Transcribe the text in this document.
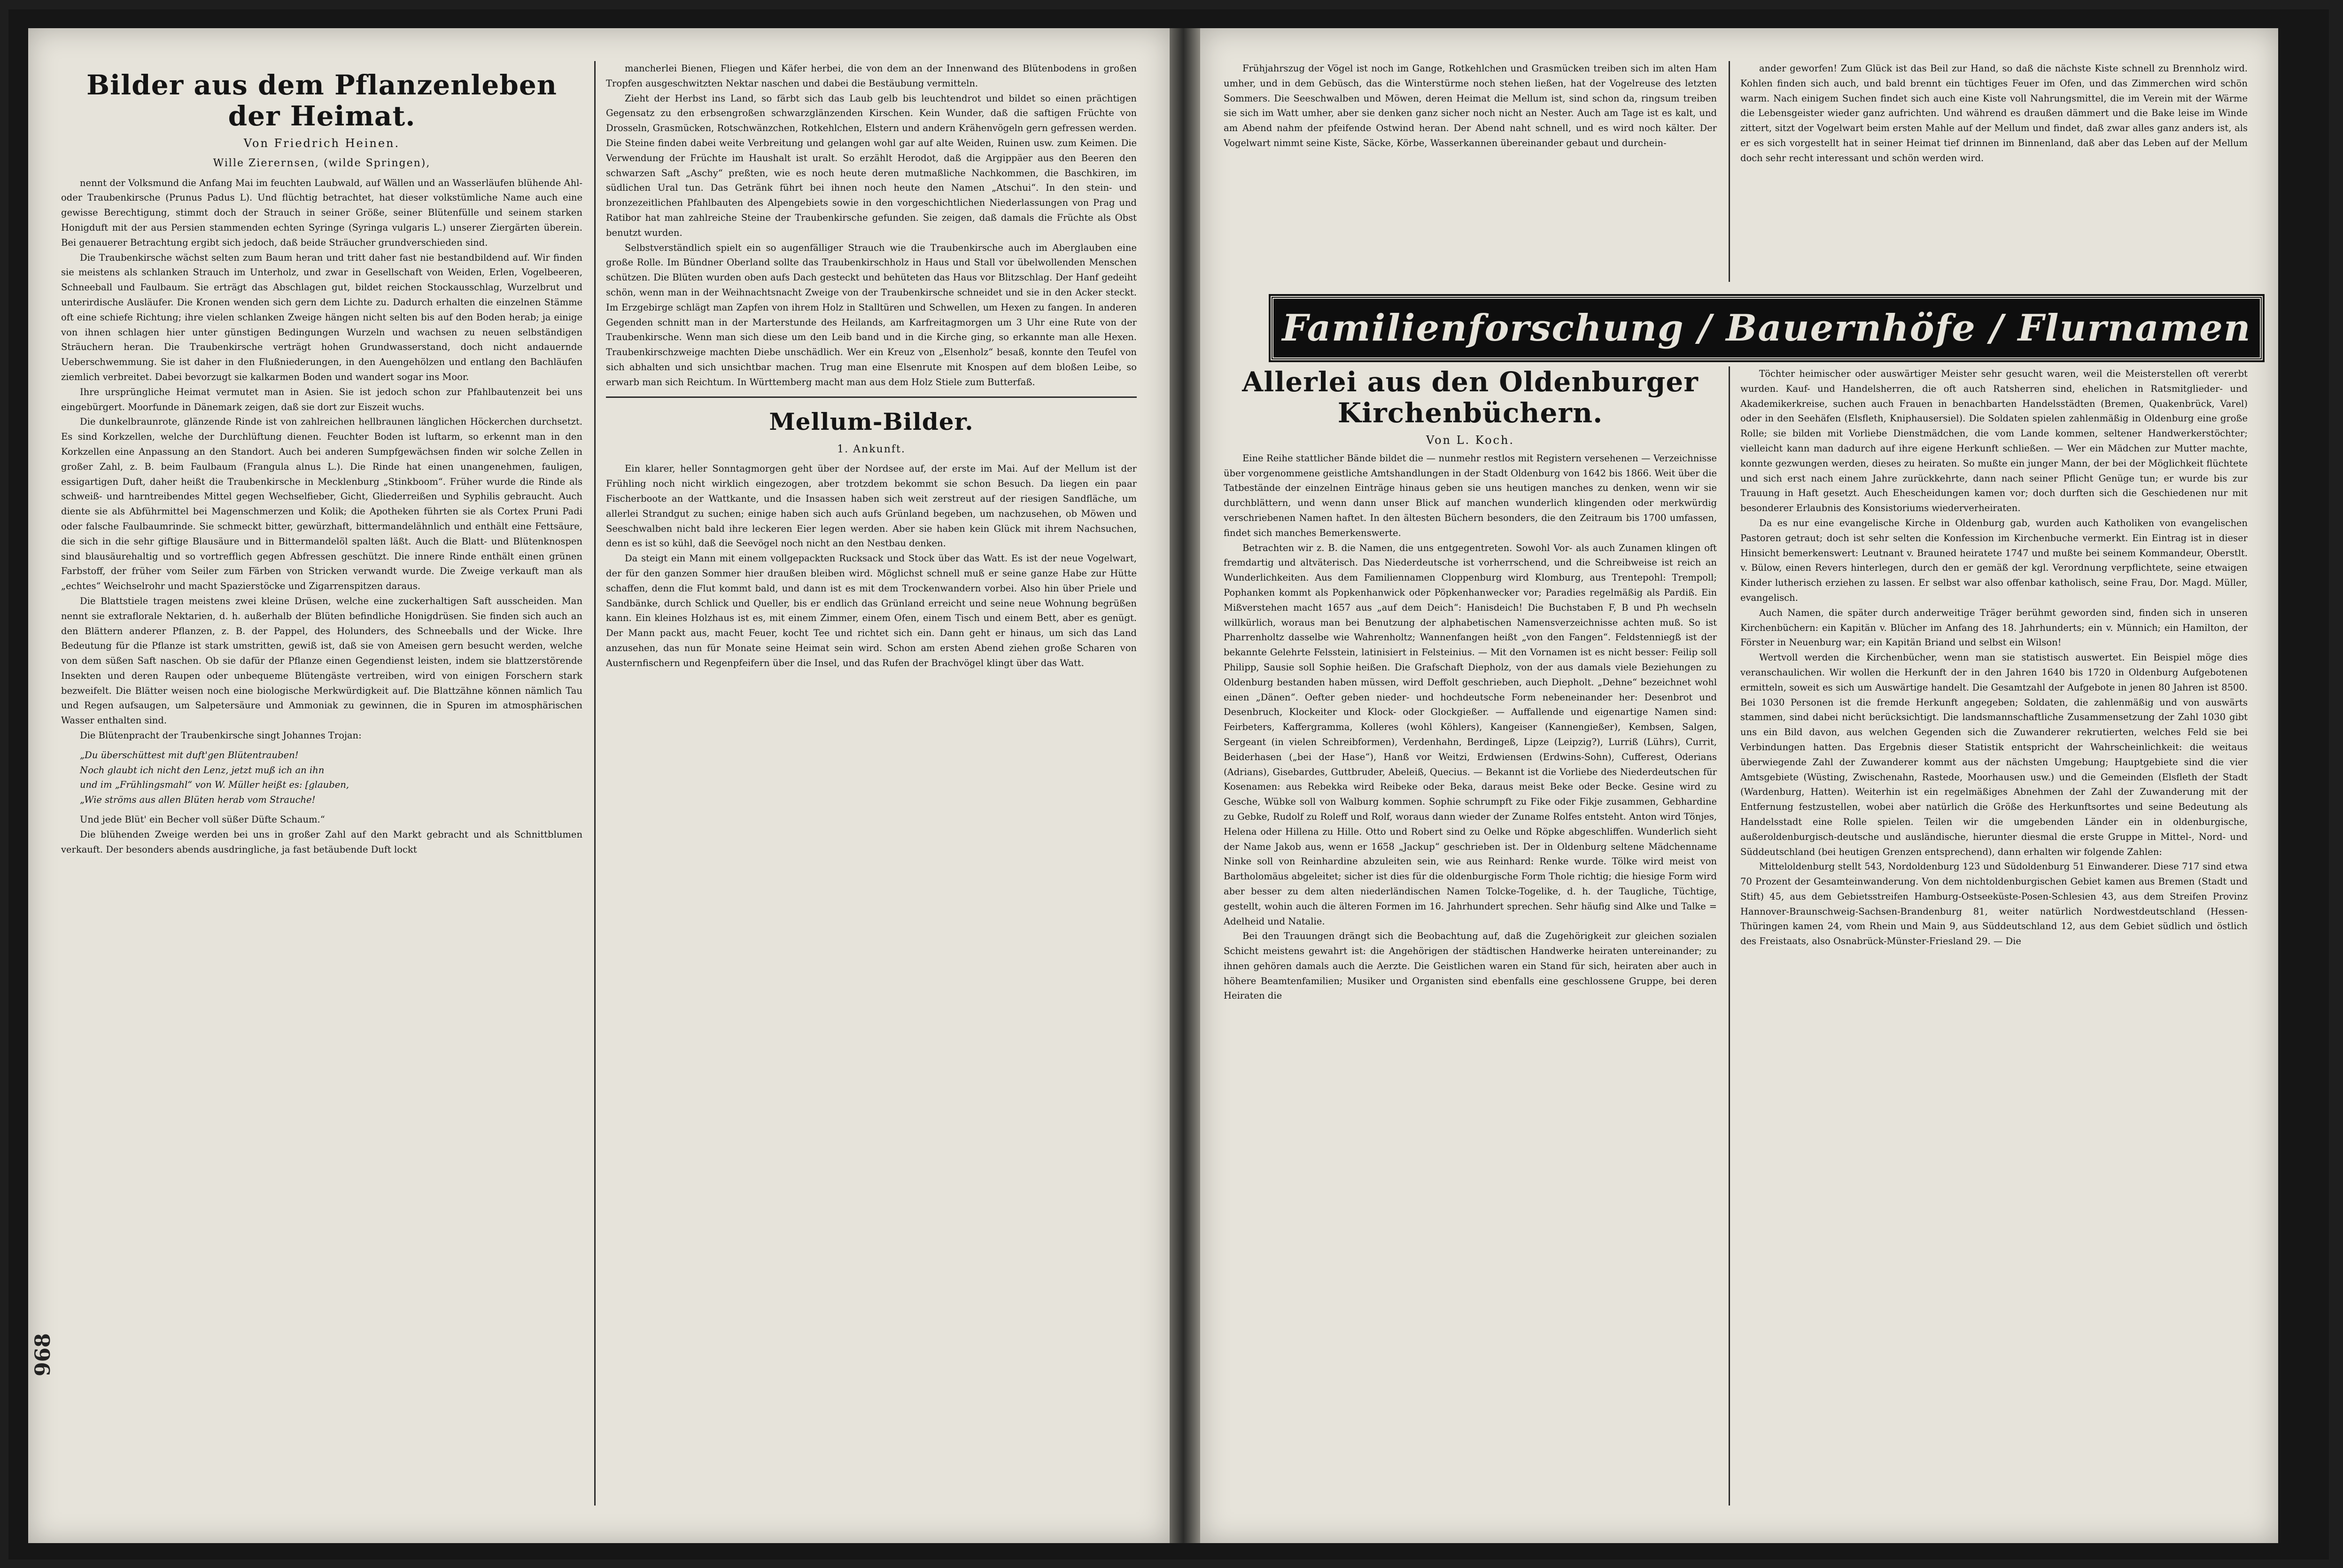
968
Bilder aus dem Pflanzenleben
der Heimat.
Von Friedrich Heinen.
Wille Zierernsen, (wilde Springen),

nennt der Volksmund die Anfang Mai im feuchten Laubwald, auf Wällen und an Wasserläufen blühende Ahl- oder Traubenkirsche (Prunus Padus L). Und flüchtig betrachtet, hat dieser volkstümliche Name auch eine gewisse Berechtigung, stimmt doch der Strauch in seiner Größe, seiner Blütenfülle und seinem starken Honigduft mit der aus Persien stammenden echten Syringe (Syringa vulgaris L.) unserer Ziergärten überein. Bei genauerer Betrachtung ergibt sich jedoch, daß beide Sträucher grundverschieden sind.

Die Traubenkirsche wächst selten zum Baum heran und tritt daher fast nie bestandbildend auf. Wir finden sie meistens als schlanken Strauch im Unterholz, und zwar in Gesellschaft von Weiden, Erlen, Vogelbeeren, Schneeball und Faulbaum. Sie erträgt das Abschlagen gut, bildet reichen Stockausschlag, Wurzelbrut und unterirdische Ausläufer. Die Kronen wenden sich gern dem Lichte zu. Dadurch erhalten die einzelnen Stämme oft eine schiefe Richtung; ihre vielen schlanken Zweige hängen nicht selten bis auf den Boden herab; ja einige von ihnen schlagen hier unter günstigen Bedingungen Wurzeln und wachsen zu neuen selbständigen Sträuchern heran. Die Traubenkirsche verträgt hohen Grundwasserstand, doch nicht andauernde Ueberschwemmung. Sie ist daher in den Flußniederungen, in den Auengehölzen und entlang den Bachläufen ziemlich verbreitet. Dabei bevorzugt sie kalkarmen Boden und wandert sogar ins Moor.

Ihre ursprüngliche Heimat vermutet man in Asien. Sie ist jedoch schon zur Pfahlbautenzeit bei uns eingebürgert. Moorfunde in Dänemark zeigen, daß sie dort zur Eiszeit wuchs.

Die dunkelbraunrote, glänzende Rinde ist von zahlreichen hellbraunen länglichen Höckerchen durchsetzt. Es sind Korkzellen, welche der Durchlüftung dienen. Feuchter Boden ist luftarm, so erkennt man in den Korkzellen eine Anpassung an den Standort. Auch bei anderen Sumpfgewächsen finden wir solche Zellen in großer Zahl, z. B. beim Faulbaum (Frangula alnus L.). Die Rinde hat einen unangenehmen, fauligen, essigartigen Duft, daher heißt die Traubenkirsche in Mecklenburg „Stinkboom“. Früher wurde die Rinde als schweiß- und harntreibendes Mittel gegen Wechselfieber, Gicht, Gliederreißen und Syphilis gebraucht. Auch diente sie als Abführmittel bei Magenschmerzen und Kolik; die Apotheken führten sie als Cortex Pruni Padi oder falsche Faulbaumrinde. Sie schmeckt bitter, gewürzhaft, bittermandelähnlich und enthält eine Fettsäure, die sich in die sehr giftige Blausäure und in Bittermandelöl spalten läßt. Auch die Blatt- und Blütenknospen sind blausäurehaltig und so vortrefflich gegen Abfressen geschützt. Die innere Rinde enthält einen grünen Farbstoff, der früher vom Seiler zum Färben von Stricken verwandt wurde. Die Zweige verkauft man als „echtes“ Weichselrohr und macht Spazierstöcke und Zigarrenspitzen daraus.

Die Blattstiele tragen meistens zwei kleine Drüsen, welche eine zuckerhaltigen Saft ausscheiden. Man nennt sie extraflorale Nektarien, d. h. außerhalb der Blüten befindliche Honigdrüsen. Sie finden sich auch an den Blättern anderer Pflanzen, z. B. der Pappel, des Holunders, des Schneeballs und der Wicke. Ihre Bedeutung für die Pflanze ist stark umstritten, gewiß ist, daß sie von Ameisen gern besucht werden, welche von dem süßen Saft naschen. Ob sie dafür der Pflanze einen Gegendienst leisten, indem sie blattzerstörende Insekten und deren Raupen oder unbequeme Blütengäste vertreiben, wird von einigen Forschern stark bezweifelt. Die Blätter weisen noch eine biologische Merkwürdigkeit auf. Die Blattzähne können nämlich Tau und Regen aufsaugen, um Salpetersäure und Ammoniak zu gewinnen, die in Spuren im atmosphärischen Wasser enthalten sind.

Die Blütenpracht der Traubenkirsche singt Johannes Trojan:

„Du überschüttest mit duft'gen Blütentrauben!
Noch glaubt ich nicht den Lenz, jetzt muß ich an ihn
und im „Frühlingsmahl“ von W. Müller heißt es: [glauben,
„Wie ströms aus allen Blüten herab vom Strauche!

Und jede Blüt' ein Becher voll süßer Düfte Schaum.“

Die blühenden Zweige werden bei uns in großer Zahl auf den Markt gebracht und als Schnittblumen verkauft. Der besonders abends ausdringliche, ja fast betäubende Duft lockt

mancherlei Bienen, Fliegen und Käfer herbei, die von dem an der Innenwand des Blütenbodens in großen Tropfen ausgeschwitzten Nektar naschen und dabei die Bestäubung vermitteln.

Zieht der Herbst ins Land, so färbt sich das Laub gelb bis leuchtendrot und bildet so einen prächtigen Gegensatz zu den erbsengroßen schwarzglänzenden Kirschen. Kein Wunder, daß die saftigen Früchte von Drosseln, Grasmücken, Rotschwänzchen, Rotkehlchen, Elstern und andern Krähenvögeln gern gefressen werden. Die Steine finden dabei weite Verbreitung und gelangen wohl gar auf alte Weiden, Ruinen usw. zum Keimen. Die Verwendung der Früchte im Haushalt ist uralt. So erzählt Herodot, daß die Argippäer aus den Beeren den schwarzen Saft „Aschy“ preßten, wie es noch heute deren mutmaßliche Nachkommen, die Baschkiren, im südlichen Ural tun. Das Getränk führt bei ihnen noch heute den Namen „Atschui“. In den stein- und bronzezeitlichen Pfahlbauten des Alpengebiets sowie in den vorgeschichtlichen Niederlassungen von Prag und Ratibor hat man zahlreiche Steine der Traubenkirsche gefunden. Sie zeigen, daß damals die Früchte als Obst benutzt wurden.

Selbstverständlich spielt ein so augenfälliger Strauch wie die Traubenkirsche auch im Aberglauben eine große Rolle. Im Bündner Oberland sollte das Traubenkirschholz in Haus und Stall vor übelwollenden Menschen schützen. Die Blüten wurden oben aufs Dach gesteckt und behüteten das Haus vor Blitzschlag. Der Hanf gedeiht schön, wenn man in der Weihnachtsnacht Zweige von der Traubenkirsche schneidet und sie in den Acker steckt. Im Erzgebirge schlägt man Zapfen von ihrem Holz in Stalltüren und Schwellen, um Hexen zu fangen. In anderen Gegenden schnitt man in der Marterstunde des Heilands, am Karfreitagmorgen um 3 Uhr eine Rute von der Traubenkirsche. Wenn man sich diese um den Leib band und in die Kirche ging, so erkannte man alle Hexen. Traubenkirschzweige machten Diebe unschädlich. Wer ein Kreuz von „Elsenholz“ besaß, konnte den Teufel von sich abhalten und sich unsichtbar machen. Trug man eine Elsenrute mit Knospen auf dem bloßen Leibe, so erwarb man sich Reichtum. In Württemberg macht man aus dem Holz Stiele zum Butterfaß.

Mellum-Bilder.
1. Ankunft.

Ein klarer, heller Sonntagmorgen geht über der Nordsee auf, der erste im Mai. Auf der Mellum ist der Frühling noch nicht wirklich eingezogen, aber trotzdem bekommt sie schon Besuch. Da liegen ein paar Fischerboote an der Wattkante, und die Insassen haben sich weit zerstreut auf der riesigen Sandfläche, um allerlei Strandgut zu suchen; einige haben sich auch aufs Grünland begeben, um nachzusehen, ob Möwen und Seeschwalben nicht bald ihre leckeren Eier legen werden. Aber sie haben kein Glück mit ihrem Nachsuchen, denn es ist so kühl, daß die Seevögel noch nicht an den Nestbau denken.

Da steigt ein Mann mit einem vollgepackten Rucksack und Stock über das Watt. Es ist der neue Vogelwart, der für den ganzen Sommer hier draußen bleiben wird. Möglichst schnell muß er seine ganze Habe zur Hütte schaffen, denn die Flut kommt bald, und dann ist es mit dem Trockenwandern vorbei. Also hin über Priele und Sandbänke, durch Schlick und Queller, bis er endlich das Grünland erreicht und seine neue Wohnung begrüßen kann. Ein kleines Holzhaus ist es, mit einem Zimmer, einem Ofen, einem Tisch und einem Bett, aber es genügt. Der Mann packt aus, macht Feuer, kocht Tee und richtet sich ein. Dann geht er hinaus, um sich das Land anzusehen, das nun für Monate seine Heimat sein wird. Schon am ersten Abend ziehen große Scharen von Austernfischern und Regenpfeifern über die Insel, und das Rufen der Brachvögel klingt über das Watt.

Frühjahrszug der Vögel ist noch im Gange, Rotkehlchen und Grasmücken treiben sich im alten Ham umher, und in dem Gebüsch, das die Winterstürme noch stehen ließen, hat der Vogelreuse des letzten Sommers. Die Seeschwalben und Möwen, deren Heimat die Mellum ist, sind schon da, ringsum treiben sie sich im Watt umher, aber sie denken ganz sicher noch nicht an Nester. Auch am Tage ist es kalt, und am Abend nahm der pfeifende Ostwind heran. Der Abend naht schnell, und es wird noch kälter. Der Vogelwart nimmt seine Kiste, Säcke, Körbe, Wasserkannen übereinander gebaut und durchein-

ander geworfen! Zum Glück ist das Beil zur Hand, so daß die nächste Kiste schnell zu Brennholz wird. Kohlen finden sich auch, und bald brennt ein tüchtiges Feuer im Ofen, und das Zimmerchen wird schön warm. Nach einigem Suchen findet sich auch eine Kiste voll Nahrungsmittel, die im Verein mit der Wärme die Lebensgeister wieder ganz aufrichten. Und während es draußen dämmert und die Bake leise im Winde zittert, sitzt der Vogelwart beim ersten Mahle auf der Mellum und findet, daß zwar alles ganz anders ist, als er es sich vorgestellt hat in seiner Heimat tief drinnen im Binnenland, daß aber das Leben auf der Mellum doch sehr recht interessant und schön werden wird.

Familienforschung / Bauernhöfe / Flurnamen
Allerlei aus den Oldenburger
Kirchenbüchern.
Von L. Koch.

Eine Reihe stattlicher Bände bildet die — nunmehr restlos mit Registern versehenen — Verzeichnisse über vorgenommene geistliche Amtshandlungen in der Stadt Oldenburg von 1642 bis 1866. Weit über die Tatbestände der einzelnen Einträge hinaus geben sie uns heutigen manches zu denken, wenn wir sie durchblättern, und wenn dann unser Blick auf manchen wunderlich klingenden oder merkwürdig verschriebenen Namen haftet. In den ältesten Büchern besonders, die den Zeitraum bis 1700 umfassen, findet sich manches Bemerkenswerte.

Betrachten wir z. B. die Namen, die uns entgegentreten. Sowohl Vor- als auch Zunamen klingen oft fremdartig und altväterisch. Das Niederdeutsche ist vorherrschend, und die Schreibweise ist reich an Wunderlichkeiten. Aus dem Familiennamen Cloppenburg wird Klomburg, aus Trentepohl: Trempoll; Pophanken kommt als Popkenhanwick oder Pöpkenhanwecker vor; Paradies regelmäßig als Pardiß. Ein Mißverstehen macht 1657 aus „auf dem Deich“: Hanisdeich! Die Buchstaben F, B und Ph wechseln willkürlich, woraus man bei Benutzung der alphabetischen Namensverzeichnisse achten muß. So ist Pharrenholtz dasselbe wie Wahrenholtz; Wannenfangen heißt „von den Fangen“. Feldstenniegß ist der bekannte Gelehrte Felsstein, latinisiert in Felsteinius. — Mit den Vornamen ist es nicht besser: Feilip soll Philipp, Sausie soll Sophie heißen. Die Grafschaft Diepholz, von der aus damals viele Beziehungen zu Oldenburg bestanden haben müssen, wird Deffolt geschrieben, auch Diepholt. „Dehne“ bezeichnet wohl einen „Dänen“. Oefter geben nieder- und hochdeutsche Form nebeneinander her: Desenbrot und Desenbruch, Klockeiter und Klock- oder Glockgießer. — Auffallende und eigenartige Namen sind: Feirbeters, Kaffergramma, Kolleres (wohl Köhlers), Kangeiser (Kannengießer), Kembsen, Salgen, Sergeant (in vielen Schreibformen), Verdenhahn, Berdingeß, Lipze (Leipzig?), Lurriß (Lührs), Currit, Beiderhasen („bei der Hase“), Hanß vor Weitzi, Erdwiensen (Erdwins-Sohn), Cufferest, Oderians (Adrians), Gisebardes, Guttbruder, Abeleiß, Quecius. — Bekannt ist die Vorliebe des Niederdeutschen für Kosenamen: aus Rebekka wird Reibeke oder Beka, daraus meist Beke oder Becke. Gesine wird zu Gesche, Wübke soll von Walburg kommen. Sophie schrumpft zu Fike oder Fikje zusammen, Gebhardine zu Gebke, Rudolf zu Roleff und Rolf, woraus dann wieder der Zuname Rolfes entsteht. Anton wird Tönjes, Helena oder Hillena zu Hille. Otto und Robert sind zu Oelke und Röpke abgeschliffen. Wunderlich sieht der Name Jakob aus, wenn er 1658 „Jackup“ geschrieben ist. Der in Oldenburg seltene Mädchenname Ninke soll von Reinhardine abzuleiten sein, wie aus Reinhard: Renke wurde. Tölke wird meist von Bartholomäus abgeleitet; sicher ist dies für die oldenburgische Form Thole richtig; die hiesige Form wird aber besser zu dem alten niederländischen Namen Tolcke-Togelike, d. h. der Taugliche, Tüchtige, gestellt, wohin auch die älteren Formen im 16. Jahrhundert sprechen. Sehr häufig sind Alke und Talke = Adelheid und Natalie.

Bei den Trauungen drängt sich die Beobachtung auf, daß die Zugehörigkeit zur gleichen sozialen Schicht meistens gewahrt ist: die Angehörigen der städtischen Handwerke heiraten untereinander; zu ihnen gehören damals auch die Aerzte. Die Geistlichen waren ein Stand für sich, heiraten aber auch in höhere Beamtenfamilien; Musiker und Organisten sind ebenfalls eine geschlossene Gruppe, bei deren Heiraten die

Töchter heimischer oder auswärtiger Meister sehr gesucht waren, weil die Meisterstellen oft vererbt wurden. Kauf- und Handelsherren, die oft auch Ratsherren sind, ehelichen in Ratsmitglieder- und Akademikerkreise, suchen auch Frauen in benachbarten Handelsstädten (Bremen, Quakenbrück, Varel) oder in den Seehäfen (Elsfleth, Kniphausersiel). Die Soldaten spielen zahlenmäßig in Oldenburg eine große Rolle; sie bilden mit Vorliebe Dienstmädchen, die vom Lande kommen, seltener Handwerkerstöchter; vielleicht kann man dadurch auf ihre eigene Herkunft schließen. — Wer ein Mädchen zur Mutter machte, konnte gezwungen werden, dieses zu heiraten. So mußte ein junger Mann, der bei der Möglichkeit flüchtete und sich erst nach einem Jahre zurückkehrte, dann nach seiner Pflicht Genüge tun; er wurde bis zur Trauung in Haft gesetzt. Auch Ehescheidungen kamen vor; doch durften sich die Geschiedenen nur mit besonderer Erlaubnis des Konsistoriums wiederverheiraten.

Da es nur eine evangelische Kirche in Oldenburg gab, wurden auch Katholiken von evangelischen Pastoren getraut; doch ist sehr selten die Konfession im Kirchenbuche vermerkt. Ein Eintrag ist in dieser Hinsicht bemerkenswert: Leutnant v. Brauned heiratete 1747 und mußte bei seinem Kommandeur, Oberstlt. v. Bülow, einen Revers hinterlegen, durch den er gemäß der kgl. Verordnung verpflichtete, seine etwaigen Kinder lutherisch erziehen zu lassen. Er selbst war also offenbar katholisch, seine Frau, Dor. Magd. Müller, evangelisch.

Auch Namen, die später durch anderweitige Träger berühmt geworden sind, finden sich in unseren Kirchenbüchern: ein Kapitän v. Blücher im Anfang des 18. Jahrhunderts; ein v. Münnich; ein Hamilton, der Förster in Neuenburg war; ein Kapitän Briand und selbst ein Wilson!

Wertvoll werden die Kirchenbücher, wenn man sie statistisch auswertet. Ein Beispiel möge dies veranschaulichen. Wir wollen die Herkunft der in den Jahren 1640 bis 1720 in Oldenburg Aufgebotenen ermitteln, soweit es sich um Auswärtige handelt. Die Gesamtzahl der Aufgebote in jenen 80 Jahren ist 8500. Bei 1030 Personen ist die fremde Herkunft angegeben; Soldaten, die zahlenmäßig und von auswärts stammen, sind dabei nicht berücksichtigt. Die landsmannschaftliche Zusammensetzung der Zahl 1030 gibt uns ein Bild davon, aus welchen Gegenden sich die Zuwanderer rekrutierten, welches Feld sie bei Verbindungen hatten. Das Ergebnis dieser Statistik entspricht der Wahrscheinlichkeit: die weitaus überwiegende Zahl der Zuwanderer kommt aus der nächsten Umgebung; Hauptgebiete sind die vier Amtsgebiete (Wüsting, Zwischenahn, Rastede, Moorhausen usw.) und die Gemeinden (Elsfleth der Stadt (Wardenburg, Hatten). Weiterhin ist ein regelmäßiges Abnehmen der Zahl der Zuwanderung mit der Entfernung festzustellen, wobei aber natürlich die Größe des Herkunftsortes und seine Bedeutung als Handelsstadt eine Rolle spielen. Teilen wir die umgebenden Länder ein in oldenburgische, außeroldenburgisch-deutsche und ausländische, hierunter diesmal die erste Gruppe in Mittel-, Nord- und Süddeutschland (bei heutigen Grenzen entsprechend), dann erhalten wir folgende Zahlen:

Mitteloldenburg stellt 543, Nordoldenburg 123 und Südoldenburg 51 Einwanderer. Diese 717 sind etwa 70 Prozent der Gesamteinwanderung. Von dem nichtoldenburgischen Gebiet kamen aus Bremen (Stadt und Stift) 45, aus dem Gebietsstreifen Hamburg-Ostseeküste-Posen-Schlesien 43, aus dem Streifen Provinz Hannover-Braunschweig-Sachsen-Brandenburg 81, weiter natürlich Nordwestdeutschland (Hessen-Thüringen kamen 24, vom Rhein und Main 9, aus Süddeutschland 12, aus dem Gebiet südlich und östlich des Freistaats, also Osnabrück-Münster-Friesland 29. — Die
